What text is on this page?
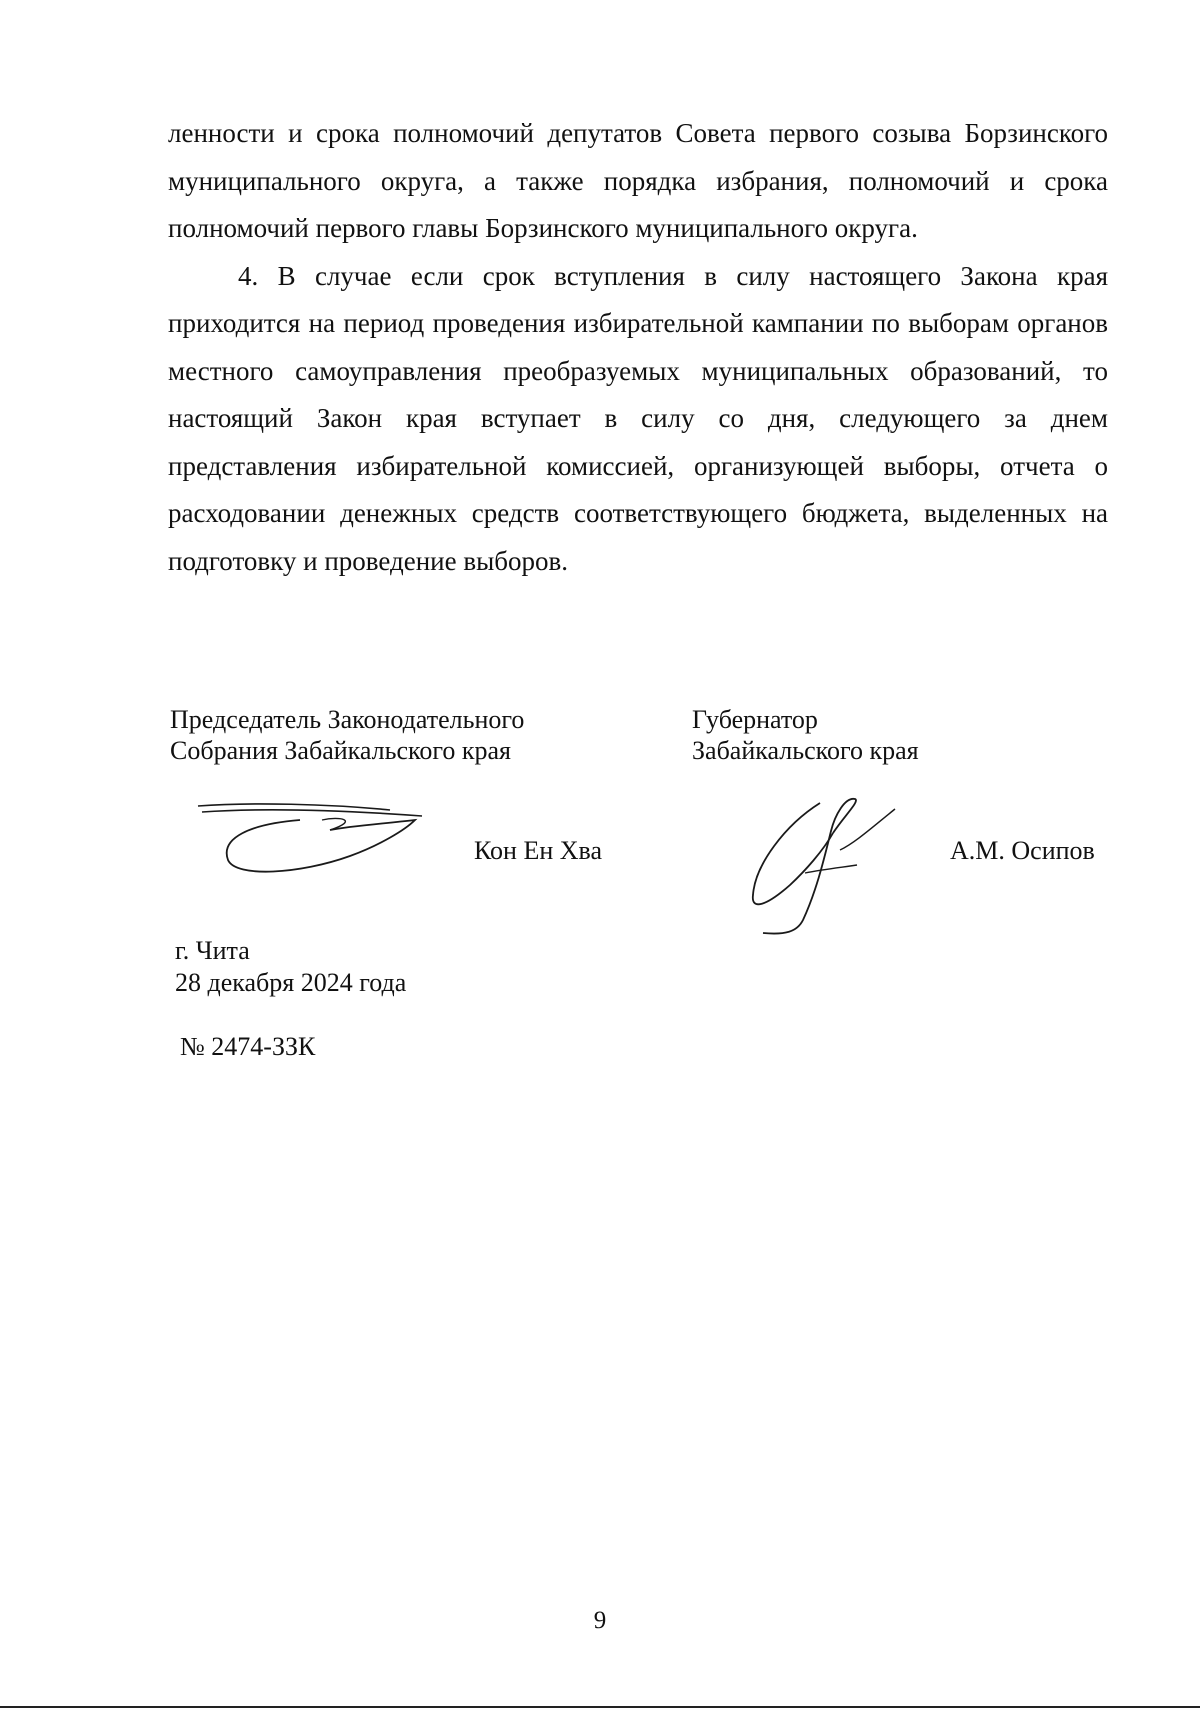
ленности и срока полномочий депутатов Совета первого созыва Борзинского муниципального округа, а также порядка избрания, полномочий и срока полномочий первого главы Борзинского муниципального округа.

4. В случае если срок вступления в силу настоящего Закона края приходится на период проведения избирательной кампании по выборам органов местного самоуправления преобразуемых муниципальных образований, то настоящий Закон края вступает в силу со дня, следующего за днем представления избирательной комиссией, организующей выборы, отчета о расходовании денежных средств соответствующего бюджета, выделенных на подготовку и проведение выборов.

Председатель Законодательного
Собрания Забайкальского края
Кон Ен Хва
Губернатор
Забайкальского края
А.М. Осипов
г. Чита
28 декабря 2024 года
№ 2474-ЗЗК
9
